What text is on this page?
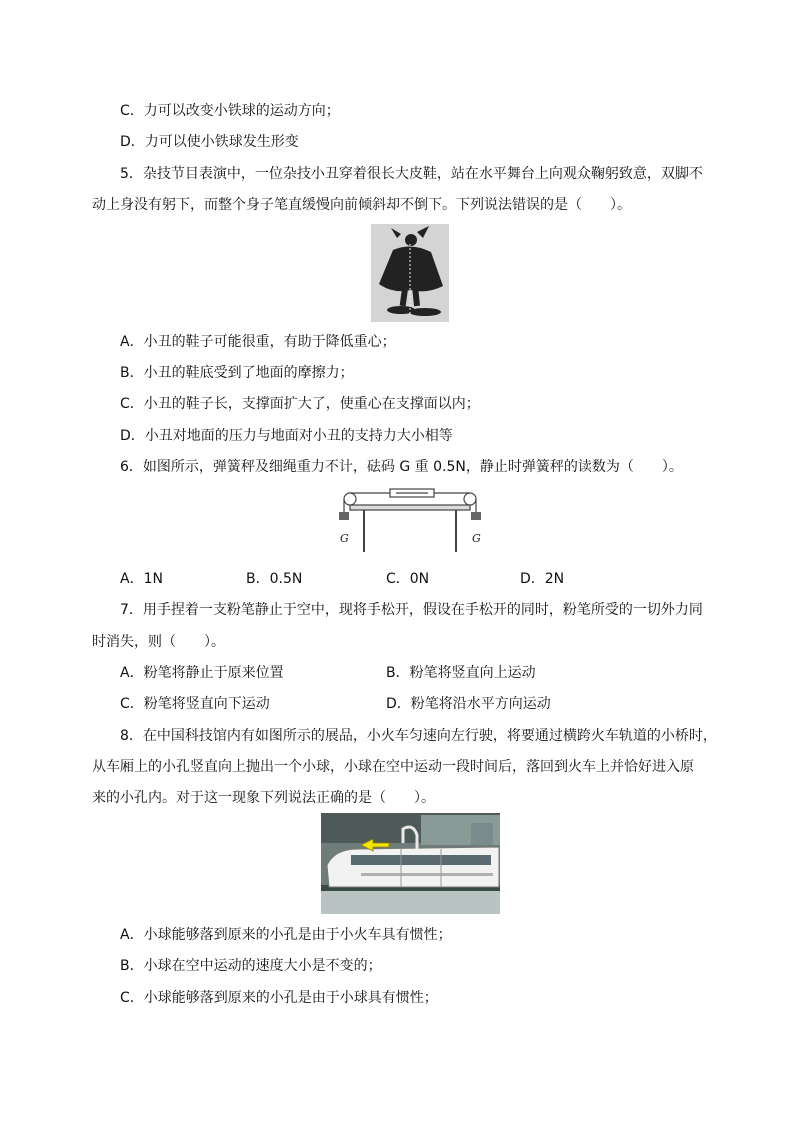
C．力可以改变小铁球的运动方向；
D．力可以使小铁球发生形变
5．杂技节目表演中，一位杂技小丑穿着很长大皮鞋，站在水平舞台上向观众鞠躬致意，双脚不
动上身没有躬下，而整个身子笔直缓慢向前倾斜却不倒下。下列说法错误的是（　　）。
A．小丑的鞋子可能很重，有助于降低重心；
B．小丑的鞋底受到了地面的摩擦力；
C．小丑的鞋子长，支撑面扩大了，使重心在支撑面以内；
D．小丑对地面的压力与地面对小丑的支持力大小相等
6．如图所示，弹簧秤及细绳重力不计，砝码 G 重 0.5N，静止时弹簧秤的读数为（　　）。
G	G
A．1N	B．0.5N	C．0N	D．2N
7．用手捏着一支粉笔静止于空中，现将手松开，假设在手松开的同时，粉笔所受的一切外力同
时消失，则（　　）。
A．粉笔将静止于原来位置	B．粉笔将竖直向上运动
C．粉笔将竖直向下运动	D．粉笔将沿水平方向运动
8．在中国科技馆内有如图所示的展品，小火车匀速向左行驶，将要通过横跨火车轨道的小桥时，
从车厢上的小孔竖直向上抛出一个小球，小球在空中运动一段时间后，落回到火车上并恰好进入原
来的小孔内。对于这一现象下列说法正确的是（　　）。
A．小球能够落到原来的小孔是由于小火车具有惯性；
B．小球在空中运动的速度大小是不变的；
C．小球能够落到原来的小孔是由于小球具有惯性；
